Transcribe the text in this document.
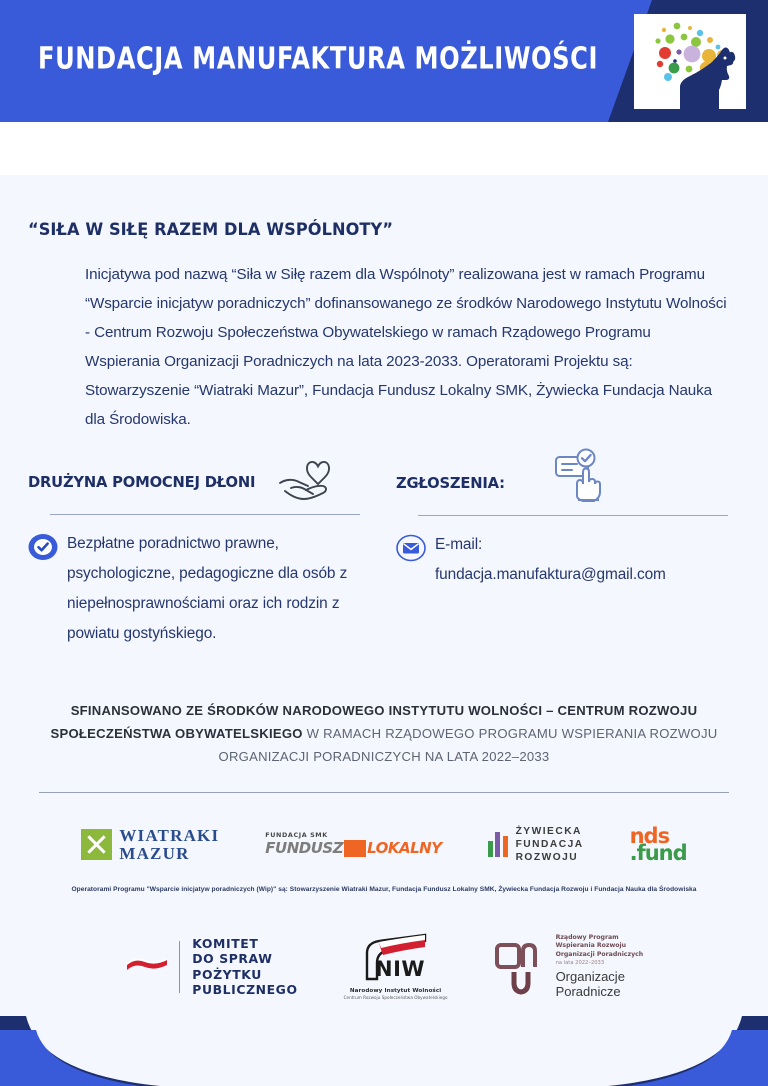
FUNDACJA MANUFAKTURA MOŻLIWOŚCI
“SIŁA W SIŁĘ RAZEM DLA WSPÓLNOTY”

Inicjatywa pod nazwą “Siła w Siłę razem dla Wspólnoty” realizowana jest w ramach Programu “Wsparcie inicjatyw poradniczych” dofinansowanego ze środków Narodowego Instytutu Wolności - Centrum Rozwoju Społeczeństwa Obywatelskiego w ramach Rządowego Programu Wspierania Organizacji Poradniczych na lata 2023-2033. Operatorami Projektu są: Stowarzyszenie “Wiatraki Mazur”, Fundacja Fundusz Lokalny SMK, Żywiecka Fundacja Nauka dla Środowiska.

DRUŻYNA POMOCNEJ DŁONI
Bezpłatne poradnictwo prawne, psychologiczne, pedagogiczne dla osób z niepełnosprawnościami oraz ich rodzin z powiatu gostyńskiego.
ZGŁOSZENIA:
E-mail:
fundacja.manufaktura@gmail.com
SFINANSOWANO ZE ŚRODKÓW NARODOWEGO INSTYTUTU WOLNOŚCI – CENTRUM ROZWOJU SPOŁECZEŃSTWA OBYWATELSKIEGO W RAMACH RZĄDOWEGO PROGRAMU WSPIERANIA ROZWOJU ORGANIZACJI PORADNICZYCH NA LATA 2022–2033
WIATRAKI
MAZUR
FUNDACJA SMK
FUNDUSZ LOKALNY
ŻYWIECKA
FUNDACJA
ROZWOJU
nds
.fund
Operatorami Programu "Wsparcie inicjatyw poradniczych (Wip)" są: Stowarzyszenie Wiatraki Mazur, Fundacja Fundusz Lokalny SMK, Żywiecka Fundacja Rozwoju i Fundacja Nauka dla Środowiska
KOMITET
DO SPRAW
POŻYTKU
PUBLICZNEGO
NIW
Narodowy Instytut Wolności
Centrum Rozwoju Społeczeństwa Obywatelskiego
Rządowy Program
Wspierania Rozwoju
Organizacji Poradniczych
na lata 2022–2033
Organizacje
Poradnicze
